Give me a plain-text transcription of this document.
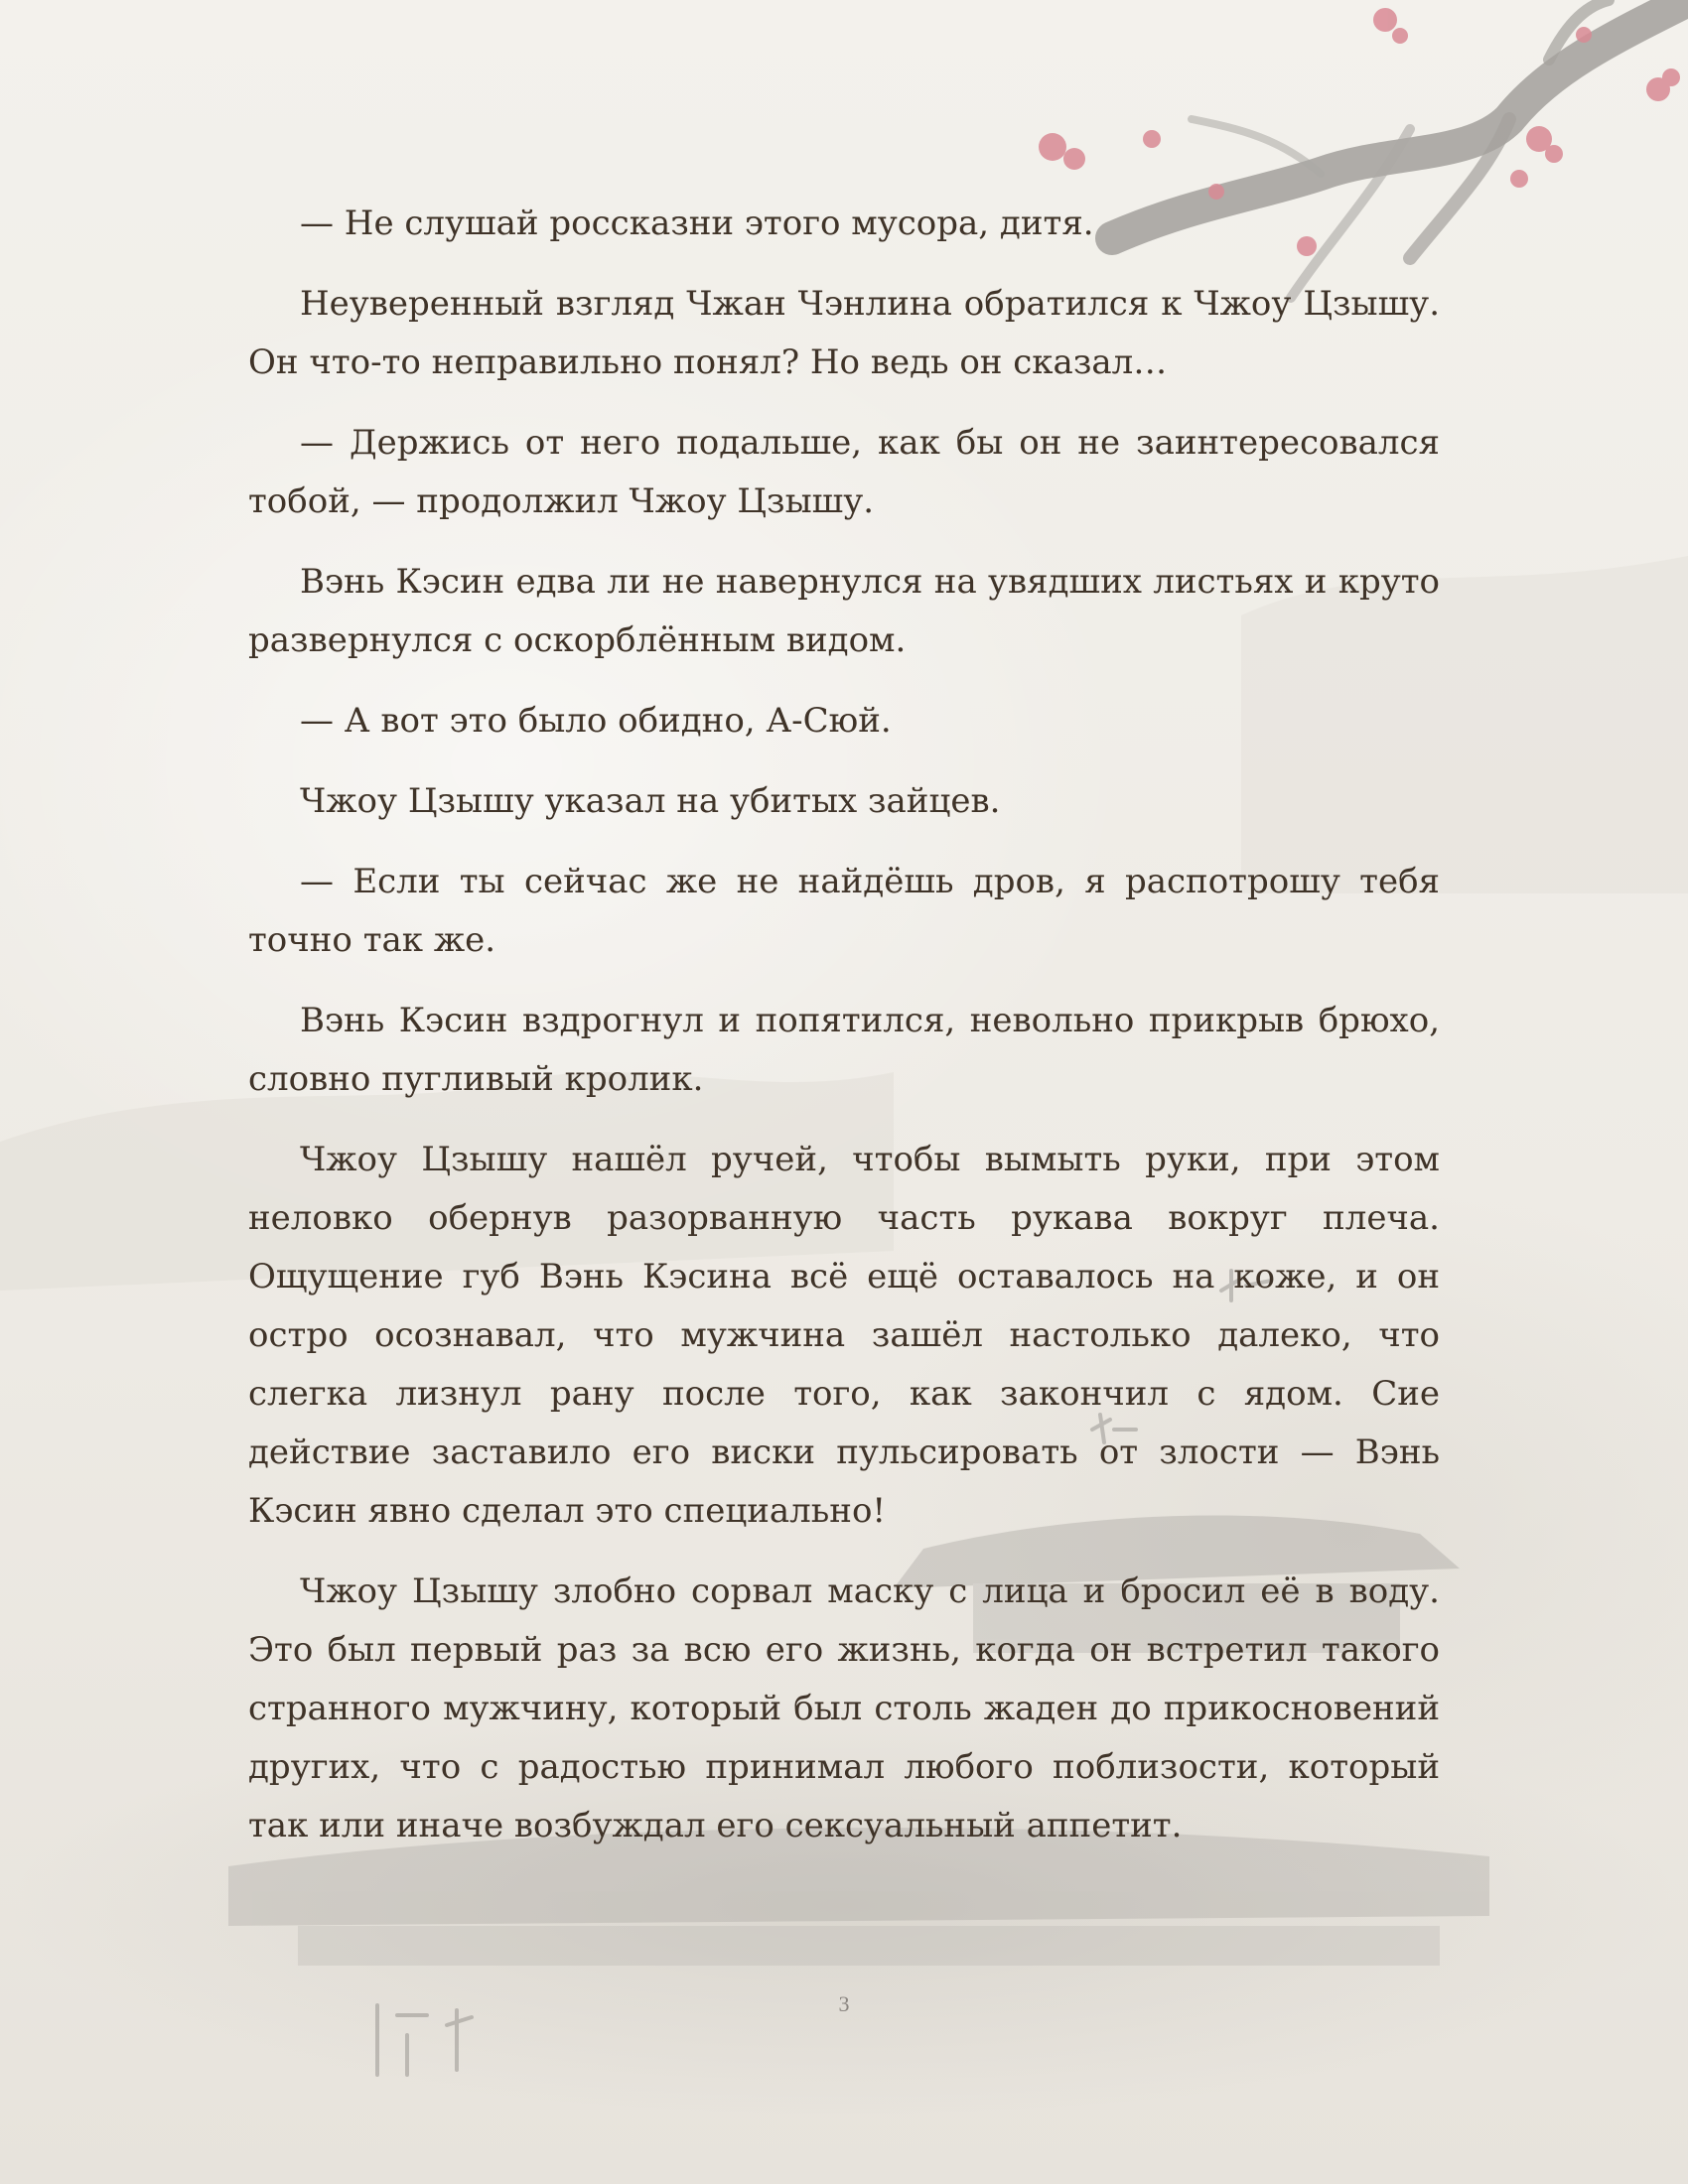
— Не слушай россказни этого мусора, дитя.

Неуверенный взгляд Чжан Чэнлина обратился к Чжоу Цзышу. Он что-то неправильно понял? Но ведь он сказал…

— Держись от него подальше, как бы он не заинтересовался тобой, — продолжил Чжоу Цзышу.

Вэнь Кэсин едва ли не навернулся на увядших листьях и круто развернулся с оскорблённым видом.

— А вот это было обидно, А-Сюй.

Чжоу Цзышу указал на убитых зайцев.

— Если ты сейчас же не найдёшь дров, я распотрошу тебя точно так же.

Вэнь Кэсин вздрогнул и попятился, невольно прикрыв брюхо, словно пугливый кролик.

Чжоу Цзышу нашёл ручей, чтобы вымыть руки, при этом неловко обернув разорванную часть рукава вокруг плеча. Ощущение губ Вэнь Кэсина всё ещё оставалось на коже, и он остро осознавал, что мужчина зашёл настолько далеко, что слегка лизнул рану после того, как закончил с ядом. Сие действие заставило его виски пульсировать от злости — Вэнь Кэсин явно сделал это специально!

Чжоу Цзышу злобно сорвал маску с лица и бросил её в воду. Это был первый раз за всю его жизнь, когда он встретил такого странного мужчину, который был столь жаден до прикосновений других, что с радостью принимал любого поблизости, который так или иначе возбуждал его сексуальный аппетит.

3
